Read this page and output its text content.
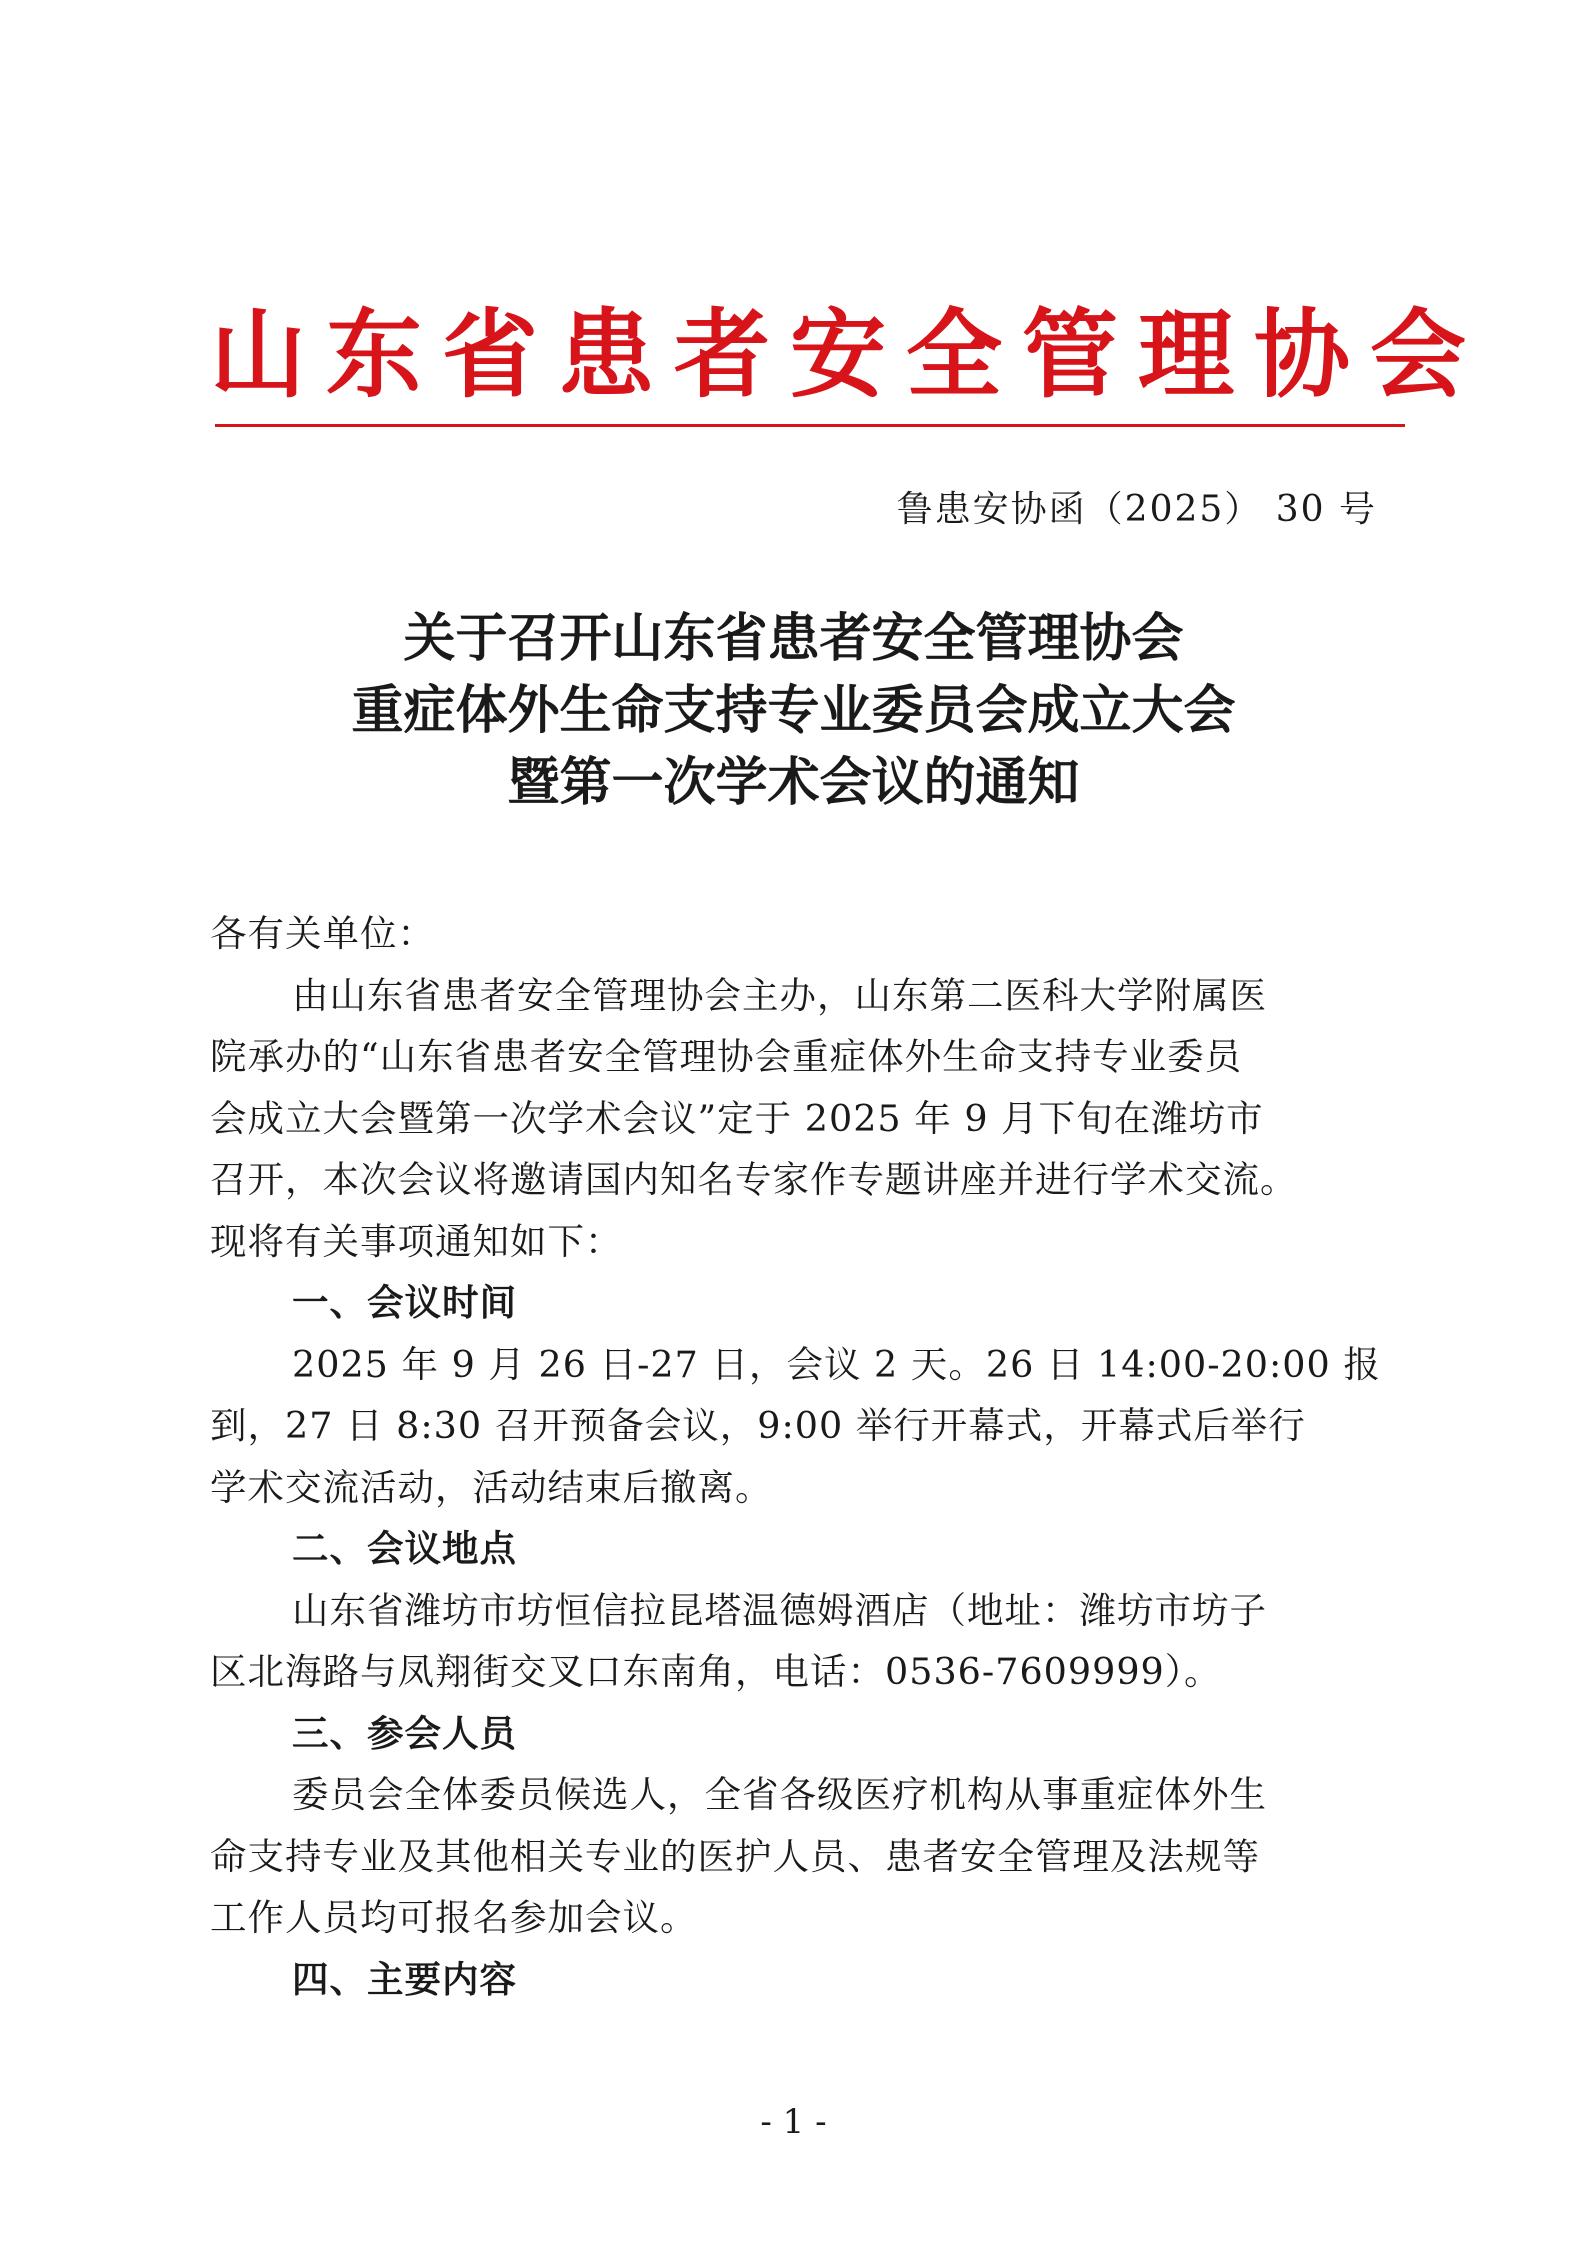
山东省患者安全管理协会
鲁患安协函（2025） 30 号
关于召开山东省患者安全管理协会
重症体外生命支持专业委员会成立大会
暨第一次学术会议的通知

各有关单位：

由山东省患者安全管理协会主办，山东第二医科大学附属医

院承办的“山东省患者安全管理协会重症体外生命支持专业委员

会成立大会暨第一次学术会议”定于 2025 年 9 月下旬在潍坊市

召开，本次会议将邀请国内知名专家作专题讲座并进行学术交流。

现将有关事项通知如下：

一、会议时间

2025 年 9 月 26 日-27 日，会议 2 天。26 日 14:00-20:00 报

到，27 日 8:30 召开预备会议，9:00 举行开幕式，开幕式后举行

学术交流活动，活动结束后撤离。

二、会议地点

山东省潍坊市坊恒信拉昆塔温德姆酒店（地址：潍坊市坊子

区北海路与凤翔街交叉口东南角，电话：0536-7609999）。

三、参会人员

委员会全体委员候选人，全省各级医疗机构从事重症体外生

命支持专业及其他相关专业的医护人员、患者安全管理及法规等

工作人员均可报名参加会议。

四、主要内容

- 1 -
